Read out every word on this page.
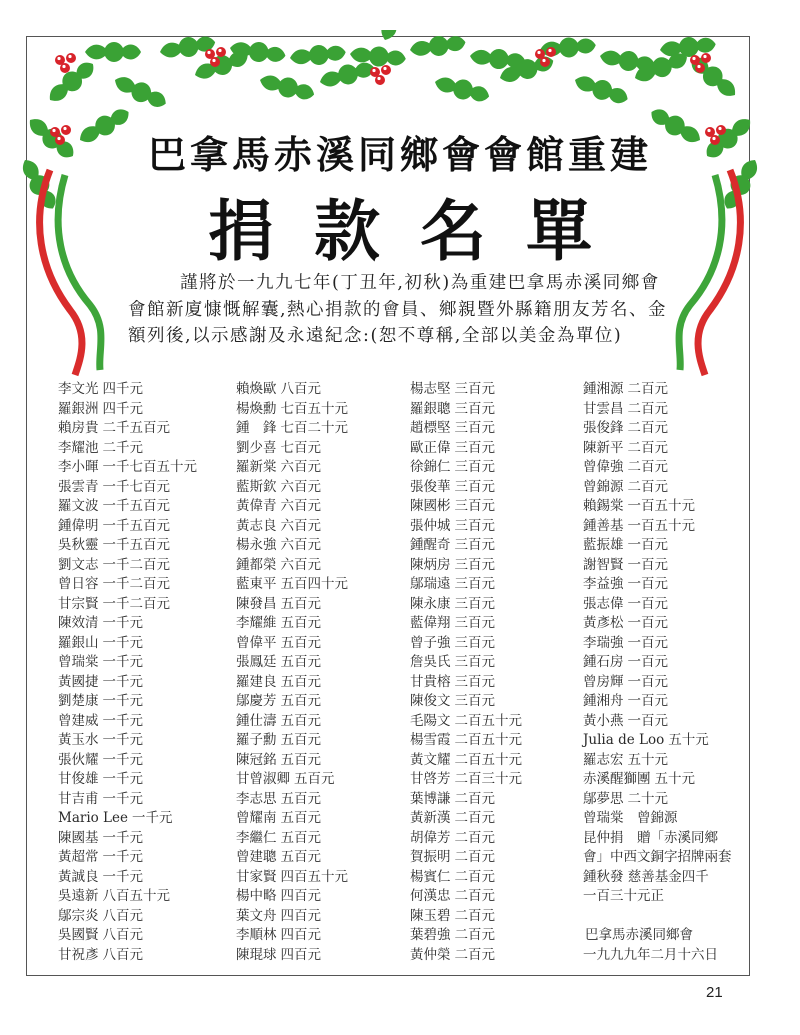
巴拿馬赤溪同鄉會會館重建
捐款名單
謹將於一九九七年(丁丑年,初秋)為重建巴拿馬赤溪同鄉會會館新廈慷慨解囊,熱心捐款的會員、鄉親暨外縣籍朋友芳名、金額列後,以示感謝及永遠紀念:(恕不尊稱,全部以美金為單位)
李文光 四千元
羅銀洲 四千元
賴房貴 二千五百元
李耀池 二千元
李小暉 一千七百五十元
張雲青 一千七百元
羅文波 一千五百元
鍾偉明 一千五百元
吳秋靈 一千五百元
劉文志 一千二百元
曾日容 一千二百元
甘宗賢 一千二百元
陳效清 一千元
羅銀山 一千元
曾瑞棠 一千元
黃國捷 一千元
劉楚康 一千元
曾建威 一千元
黃玉水 一千元
張伙耀 一千元
甘俊雄 一千元
甘吉甫 一千元
Mario Lee 一千元
陳國基 一千元
黃超常 一千元
黃誠良 一千元
吳遠新 八百五十元
鄔宗炎 八百元
吳國賢 八百元
甘祝彥 八百元
賴煥歐 八百元
楊煥勳 七百五十元
鍾　鋒 七百二十元
劉少喜 七百元
羅新棠 六百元
藍斯欽 六百元
黃偉青 六百元
黃志良 六百元
楊永強 六百元
鍾都榮 六百元
藍東平 五百四十元
陳發昌 五百元
李耀維 五百元
曾偉平 五百元
張鳳廷 五百元
羅建良 五百元
鄔慶芳 五百元
鍾仕濤 五百元
羅子勳 五百元
陳冠銘 五百元
甘曾淑卿 五百元
李志思 五百元
曾耀南 五百元
李繼仁 五百元
曾建聰 五百元
甘家賢 四百五十元
楊中略 四百元
葉文舟 四百元
李順林 四百元
陳琨球 四百元
楊志堅 三百元
羅銀聰 三百元
趙標堅 三百元
歐正偉 三百元
徐錦仁 三百元
張俊華 三百元
陳國彬 三百元
張仲城 三百元
鍾醒奇 三百元
陳炳房 三百元
鄔瑞遠 三百元
陳永康 三百元
藍偉翔 三百元
曾子強 三百元
詹吳氏 三百元
甘貴榕 三百元
陳俊文 三百元
毛陽文 二百五十元
楊雪霞 二百五十元
黃文耀 二百五十元
甘啓芳 二百三十元
葉博謙 二百元
黃新漢 二百元
胡偉芳 二百元
賀振明 二百元
楊賓仁 二百元
何漢忠 二百元
陳玉碧 二百元
葉碧強 二百元
黃仲榮 二百元
鍾湘源 二百元
甘雲昌 二百元
張俊鋒 二百元
陳新平 二百元
曾偉強 二百元
曾錦源 二百元
賴錫棠 一百五十元
鍾善基 一百五十元
藍振雄 一百元
謝智賢 一百元
李益強 一百元
張志偉 一百元
黃彥松 一百元
李瑞強 一百元
鍾石房 一百元
曾房輝 一百元
鍾湘舟 一百元
黃小燕 一百元
Julia de Loo 五十元
羅志宏 五十元
赤溪醒獅團 五十元
鄔夢思 二十元
曾瑞棠　曾錦源
昆仲捐　贈「赤溪同鄉
會」中西文銅字招牌兩套
鍾秋發 慈善基金四千
一百三十元正
巴拿馬赤溪同鄉會
一九九九年二月十六日
21
